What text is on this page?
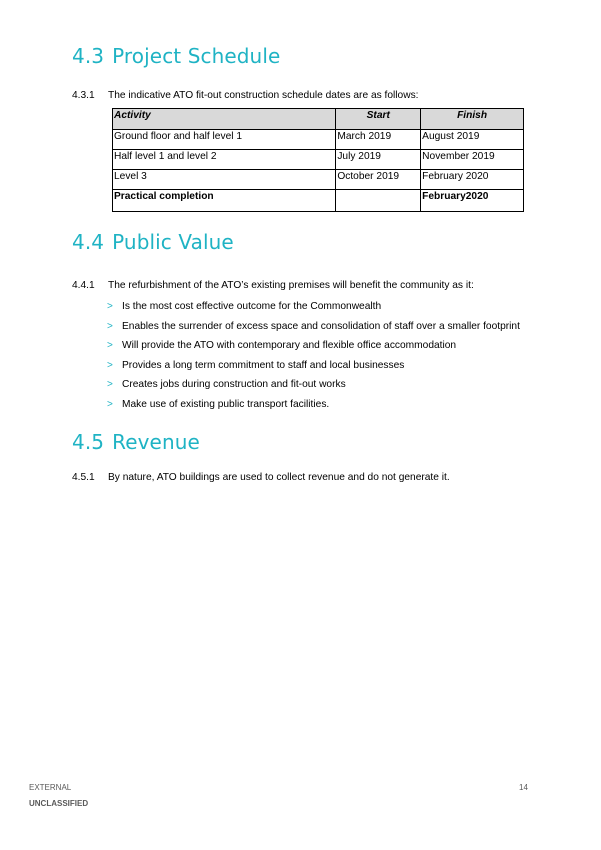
4.3 Project Schedule

4.3.1 The indicative ATO fit-out construction schedule dates are as follows:

Activity	Start	Finish
Ground floor and half level 1	March 2019	August 2019
Half level 1 and level 2	July 2019	November 2019
Level 3	October 2019	February 2020
Practical completion		February2020
4.4 Public Value

4.4.1 The refurbishment of the ATO’s existing premises will benefit the community as it:

> Is the most cost effective outcome for the Commonwealth
> Enables the surrender of excess space and consolidation of staff over a smaller footprint
> Will provide the ATO with contemporary and flexible office accommodation
> Provides a long term commitment to staff and local businesses
> Creates jobs during construction and fit-out works
> Make use of existing public transport facilities.
4.5 Revenue

4.5.1 By nature, ATO buildings are used to collect revenue and do not generate it.

EXTERNAL
UNCLASSIFIED
14
